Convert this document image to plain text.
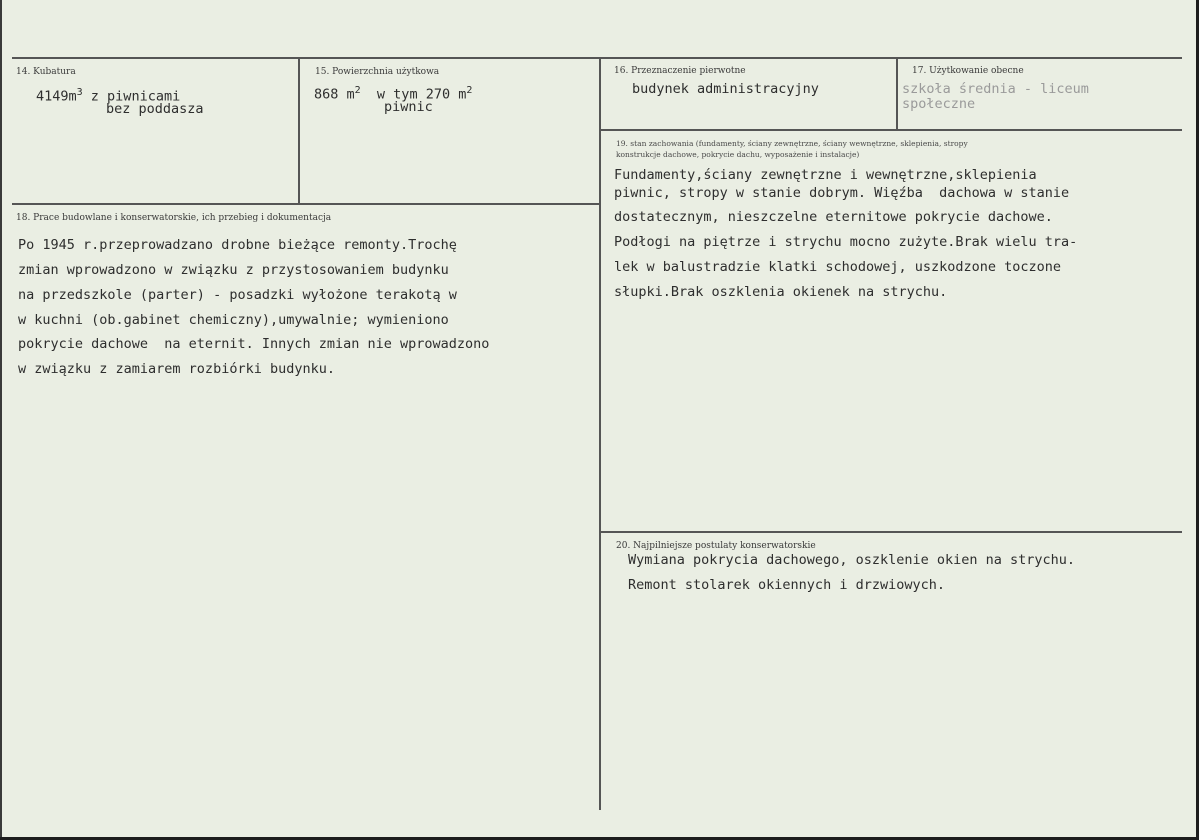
14. Kubatura
$4149m^3$ z piwnicami
bez poddasza
15. Powierzchnia użytkowa
868 $m^2$  w tym 270 $m^2$
piwnic
16. Przeznaczenie pierwotne
budynek administracyjny
17. Użytkowanie obecne
szkoła średnia - liceum
społeczne
18. Prace budowlane i konserwatorskie, ich przebieg i dokumentacja
Po 1945 r.przeprowadzano drobne bieżące remonty.Trochę
zmian wprowadzono w związku z przystosowaniem budynku
na przedszkole (parter) - posadzki wyłożone terakotą w
w kuchni (ob.gabinet chemiczny),umywalnie; wymieniono
pokrycie dachowe  na eternit. Innych zmian nie wprowadzono
w związku z zamiarem rozbiórki budynku.
19. stan zachowania (fundamenty, ściany zewnętrzne, ściany wewnętrzne, sklepienia, stropy
konstrukcje dachowe, pokrycie dachu, wyposażenie i instalacje)
Fundamenty,ściany zewnętrzne i wewnętrzne,sklepienia
piwnic, stropy w stanie dobrym. Więźba  dachowa w stanie
dostatecznym, nieszczelne eternitowe pokrycie dachowe.
Podłogi na piętrze i strychu mocno zużyte.Brak wielu tra-
lek w balustradzie klatki schodowej, uszkodzone toczone
słupki.Brak oszklenia okienek na strychu.
20. Najpilniejsze postulaty konserwatorskie
Wymiana pokrycia dachowego, oszklenie okien na strychu.
Remont stolarek okiennych i drzwiowych.
